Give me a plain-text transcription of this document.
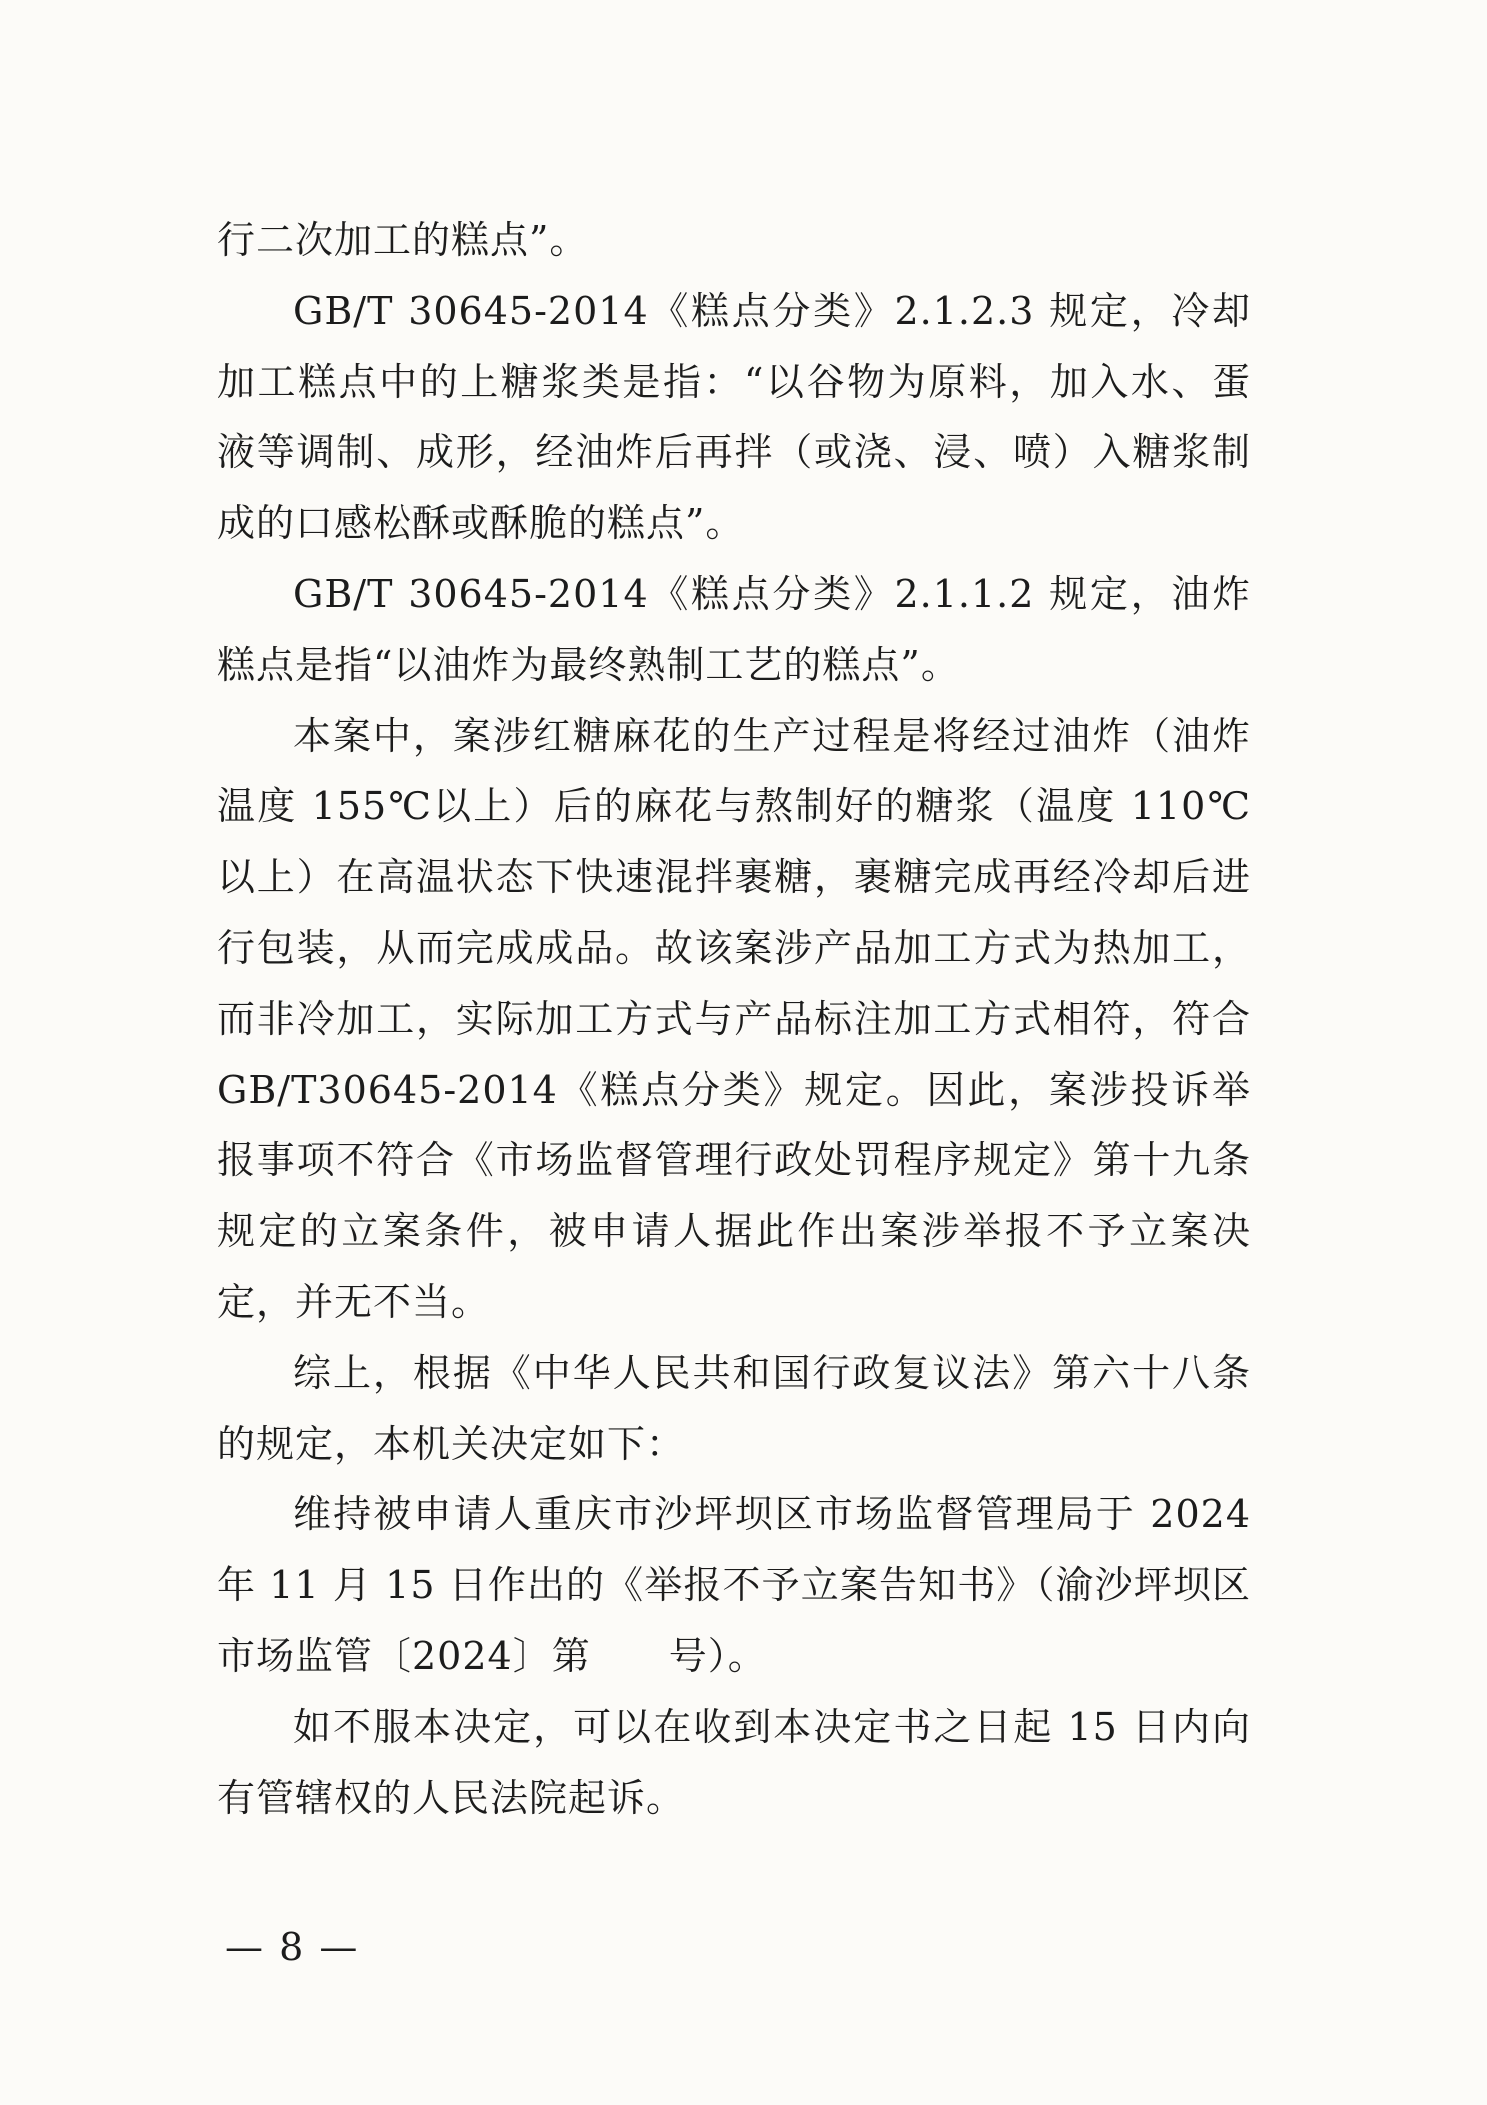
行二次加工的糕点”。

GB/T 30645-2014《糕点分类》2.1.2.3 规定，冷却加工糕点中的上糖浆类是指：“以谷物为原料，加入水、蛋液等调制、成形，经油炸后再拌（或浇、浸、喷）入糖浆制成的口感松酥或酥脆的糕点”。

GB/T 30645-2014《糕点分类》2.1.1.2 规定，油炸糕点是指“以油炸为最终熟制工艺的糕点”。

本案中，案涉红糖麻花的生产过程是将经过油炸（油炸温度 155℃以上）后的麻花与熬制好的糖浆（温度 110℃以上）在高温状态下快速混拌裹糖，裹糖完成再经冷却后进行包装，从而完成成品。故该案涉产品加工方式为热加工，而非冷加工，实际加工方式与产品标注加工方式相符，符合 GB/T30645-2014《糕点分类》规定。因此，案涉投诉举报事项不符合《市场监督管理行政处罚程序规定》第十九条规定的立案条件，被申请人据此作出案涉举报不予立案决定，并无不当。

综上，根据《中华人民共和国行政复议法》第六十八条的规定，本机关决定如下：

维持被申请人重庆市沙坪坝区市场监督管理局于 2024 年 11 月 15 日作出的《举报不予立案告知书》（渝沙坪坝区市场监管〔2024〕第　　号）。

如不服本决定，可以在收到本决定书之日起 15 日内向有管辖权的人民法院起诉。

— 8 —
